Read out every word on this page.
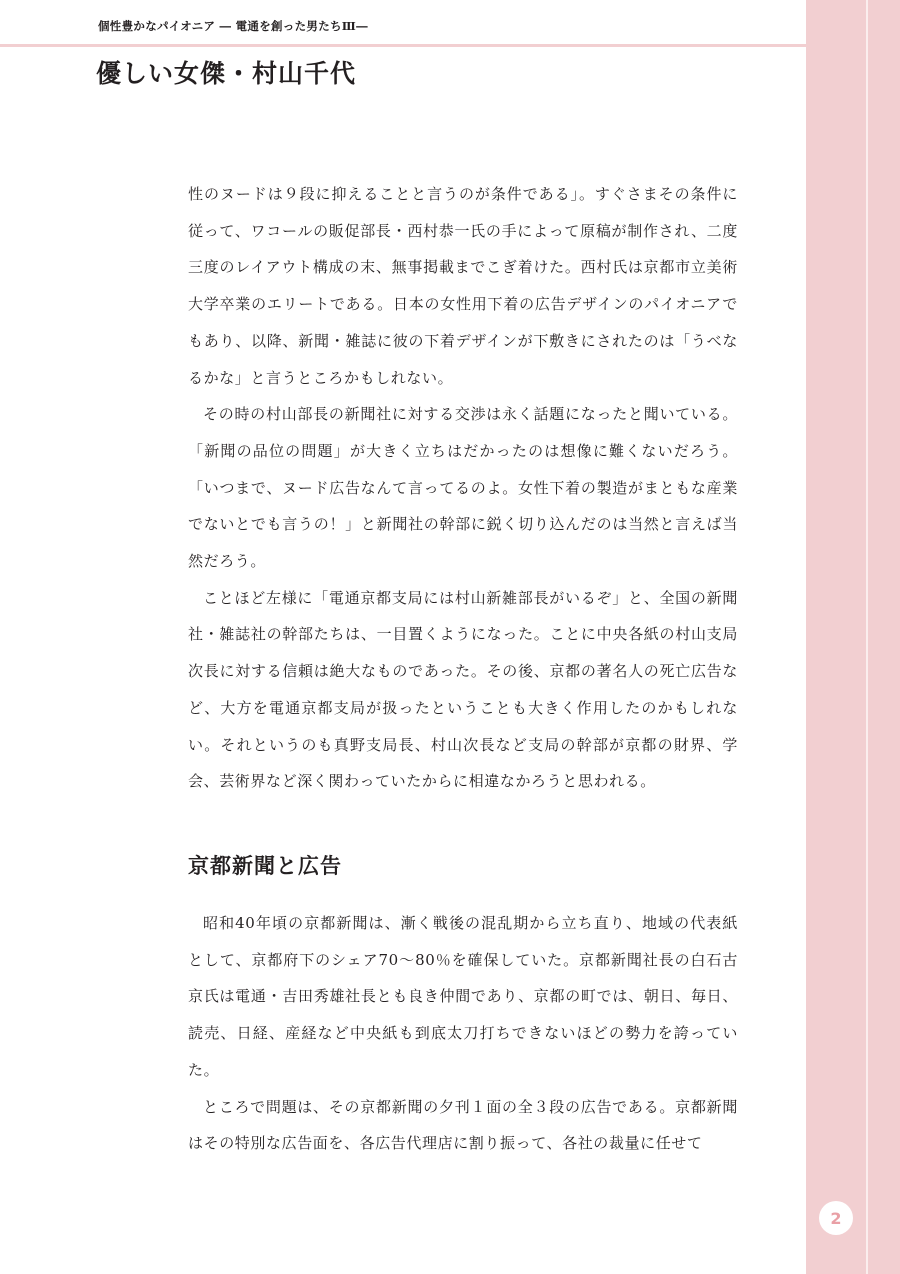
個性豊かなパイオニア ― 電通を創った男たちⅢ―
優しい女傑・村山千代

性のヌードは９段に抑えることと言うのが条件である」。すぐさまその条件に従って、ワコールの販促部長・西村恭一氏の手によって原稿が制作され、二度三度のレイアウト構成の末、無事掲載までこぎ着けた。西村氏は京都市立美術大学卒業のエリートである。日本の女性用下着の広告デザインのパイオニアでもあり、以降、新聞・雑誌に彼の下着デザインが下敷きにされたのは「うべなるかな」と言うところかもしれない。

その時の村山部長の新聞社に対する交渉は永く話題になったと聞いている。「新聞の品位の問題」が大きく立ちはだかったのは想像に難くないだろう。「いつまで、ヌード広告なんて言ってるのよ。女性下着の製造がまともな産業でないとでも言うの！」と新聞社の幹部に鋭く切り込んだのは当然と言えば当然だろう。

ことほど左様に「電通京都支局には村山新雑部長がいるぞ」と、全国の新聞社・雑誌社の幹部たちは、一目置くようになった。ことに中央各紙の村山支局次長に対する信頼は絶大なものであった。その後、京都の著名人の死亡広告など、大方を電通京都支局が扱ったということも大きく作用したのかもしれない。それというのも真野支局長、村山次長など支局の幹部が京都の財界、学会、芸術界など深く関わっていたからに相違なかろうと思われる。

京都新聞と広告

昭和40年頃の京都新聞は、漸く戦後の混乱期から立ち直り、地域の代表紙として、京都府下のシェア70～80％を確保していた。京都新聞社長の白石古京氏は電通・吉田秀雄社長とも良き仲間であり、京都の町では、朝日、毎日、読売、日経、産経など中央紙も到底太刀打ちできないほどの勢力を誇っていた。

ところで問題は、その京都新聞の夕刊１面の全３段の広告である。京都新聞はその特別な広告面を、各広告代理店に割り振って、各社の裁量に任せて

2
